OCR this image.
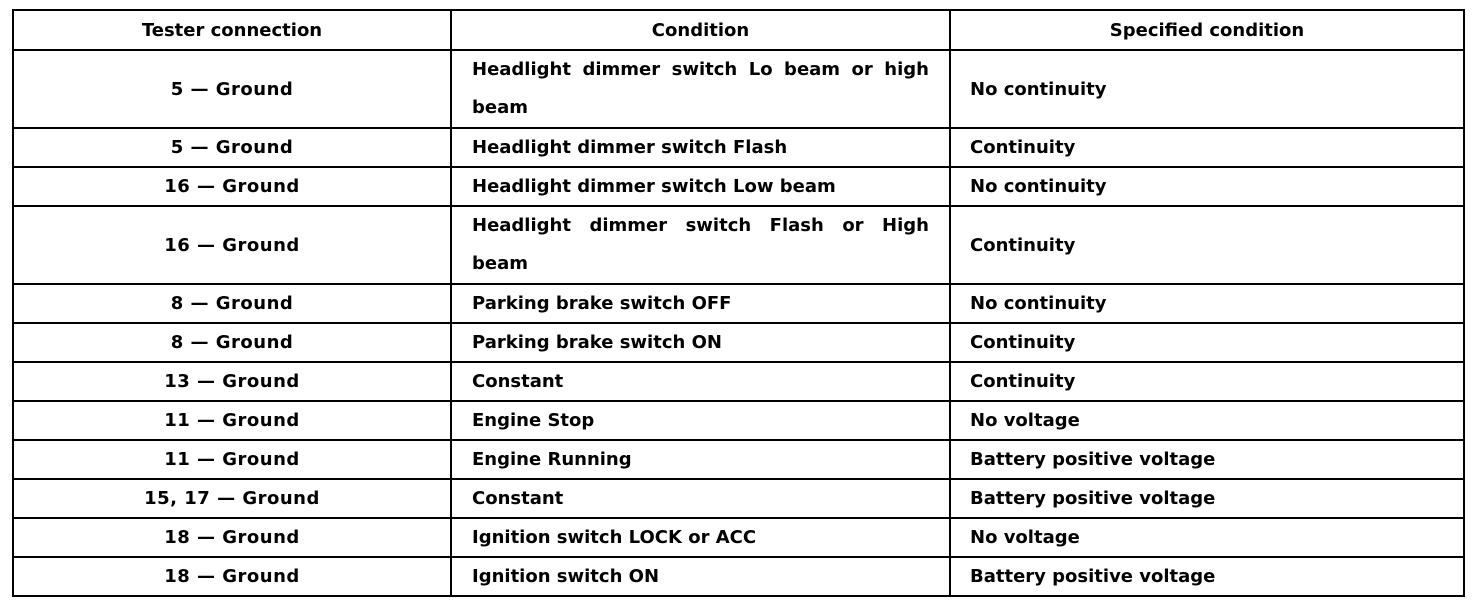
Tester connection	Condition	Specified condition
5 — Ground	Headlight dimmer switch Lo beam or high beam	No continuity
5 — Ground	Headlight dimmer switch Flash	Continuity
16 — Ground	Headlight dimmer switch Low beam	No continuity
16 — Ground	Headlight dimmer switch Flash or High beam	Continuity
8 — Ground	Parking brake switch OFF	No continuity
8 — Ground	Parking brake switch ON	Continuity
13 — Ground	Constant	Continuity
11 — Ground	Engine Stop	No voltage
11 — Ground	Engine Running	Battery positive voltage
15, 17 — Ground	Constant	Battery positive voltage
18 — Ground	Ignition switch LOCK or ACC	No voltage
18 — Ground	Ignition switch ON	Battery positive voltage
